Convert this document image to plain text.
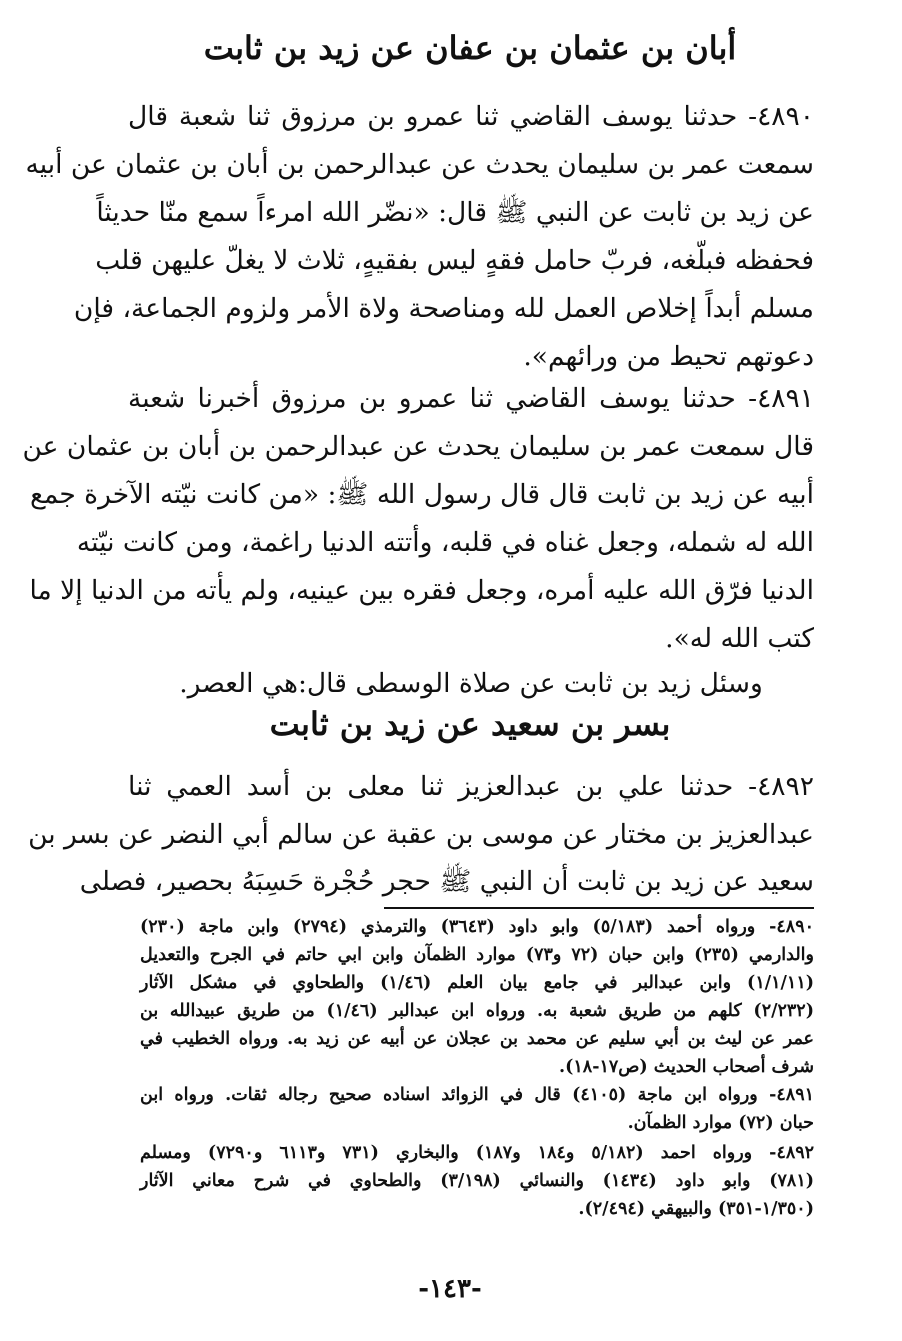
أبان بن عثمان بن عفان عن زيد بن ثابت
٤٨٩٠- حدثنا يوسف القاضي ثنا عمرو بن مرزوق ثنا شعبة قال
سمعت عمر بن سليمان يحدث عن عبدالرحمن بن أبان بن عثمان عن أبيه
عن زيد بن ثابت عن النبي ﷺ قال: «نضّر الله امرءاً سمع منّا حديثاً
فحفظه فبلّغه، فربّ حامل فقهٍ ليس بفقيهٍ، ثلاث لا يغلّ عليهن قلب
مسلم أبداً إخلاص العمل لله ومناصحة ولاة الأمر ولزوم الجماعة، فإن
دعوتهم تحيط من ورائهم».
٤٨٩١- حدثنا يوسف القاضي ثنا عمرو بن مرزوق أخبرنا شعبة
قال سمعت عمر بن سليمان يحدث عن عبدالرحمن بن أبان بن عثمان عن
أبيه عن زيد بن ثابت قال قال رسول الله ﷺ: «من كانت نيّته الآخرة جمع
الله له شمله، وجعل غناه في قلبه، وأتته الدنيا راغمة، ومن كانت نيّته
الدنيا فرّق الله عليه أمره، وجعل فقره بين عينيه، ولم يأته من الدنيا إلا ما
كتب الله له».
وسئل زيد بن ثابت عن صلاة الوسطى قال:هي العصر.
بسر بن سعيد عن زيد بن ثابت
٤٨٩٢- حدثنا علي بن عبدالعزيز ثنا معلى بن أسد العمي ثنا
عبدالعزيز بن مختار عن موسى بن عقبة عن سالم أبي النضر عن بسر بن
سعيد عن زيد بن ثابت أن النبي ﷺ حجر حُجْرة حَسِبَهُ بحصير، فصلى
٤٨٩٠- ورواه أحمد (٥/١٨٣) وابو داود (٣٦٤٣) والترمذي (٢٧٩٤) وابن ماجة (٢٣٠)
والدارمي (٢٣٥) وابن حبان (٧٢ و٧٣) موارد الظمآن وابن ابي حاتم في الجرح والتعديل
(١/١/١١) وابن عبدالبر في جامع بيان العلم (١/٤٦) والطحاوي في مشكل الآثار
(٢/٢٣٢) كلهم من طريق شعبة به. ورواه ابن عبدالبر (١/٤٦) من طريق عبيدالله بن
عمر عن ليث بن أبي سليم عن محمد بن عجلان عن أبيه عن زيد به. ورواه الخطيب في
شرف أصحاب الحديث (ص١٧-١٨).
٤٨٩١- ورواه ابن ماجة (٤١٠٥) قال في الزوائد اسناده صحيح رجاله ثقات. ورواه ابن
حبان (٧٢) موارد الظمآن.
٤٨٩٢- ورواه احمد (٥/١٨٢ و١٨٤ و١٨٧) والبخاري (٧٣١ و٦١١٣ و٧٢٩٠) ومسلم
(٧٨١) وابو داود (١٤٣٤) والنسائي (٣/١٩٨) والطحاوي في شرح معاني الآثار
(١/٣٥٠-٣٥١) والبيهقي (٢/٤٩٤).
-١٤٣-
